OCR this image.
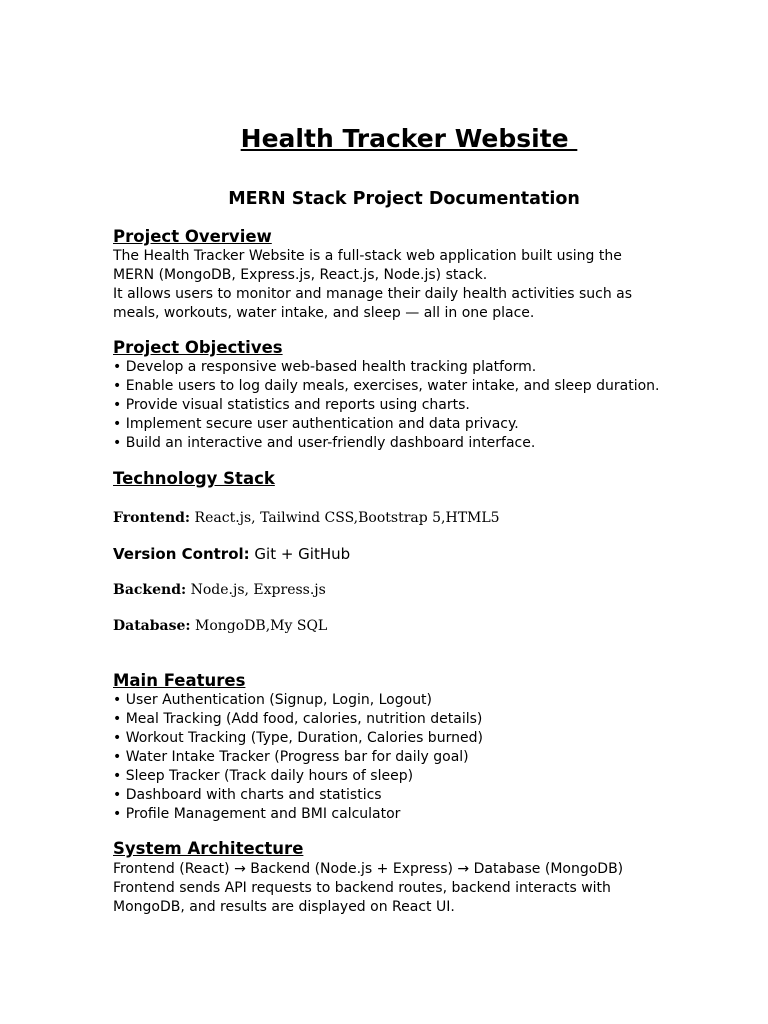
Health Tracker Website
MERN Stack Project Documentation
Project Overview
The Health Tracker Website is a full-stack web application built using the
MERN (MongoDB, Express.js, React.js, Node.js) stack.
It allows users to monitor and manage their daily health activities such as
meals, workouts, water intake, and sleep — all in one place.
Project Objectives
• Develop a responsive web-based health tracking platform.
• Enable users to log daily meals, exercises, water intake, and sleep duration.
• Provide visual statistics and reports using charts.
• Implement secure user authentication and data privacy.
• Build an interactive and user-friendly dashboard interface.
Technology Stack
Frontend: React.js, Tailwind CSS,Bootstrap 5,HTML5
Version Control: Git + GitHub
Backend: Node.js, Express.js
Database: MongoDB,My SQL
Main Features
• User Authentication (Signup, Login, Logout)
• Meal Tracking (Add food, calories, nutrition details)
• Workout Tracking (Type, Duration, Calories burned)
• Water Intake Tracker (Progress bar for daily goal)
• Sleep Tracker (Track daily hours of sleep)
• Dashboard with charts and statistics
• Profile Management and BMI calculator
System Architecture
Frontend (React) → Backend (Node.js + Express) → Database (MongoDB)
Frontend sends API requests to backend routes, backend interacts with
MongoDB, and results are displayed on React UI.
